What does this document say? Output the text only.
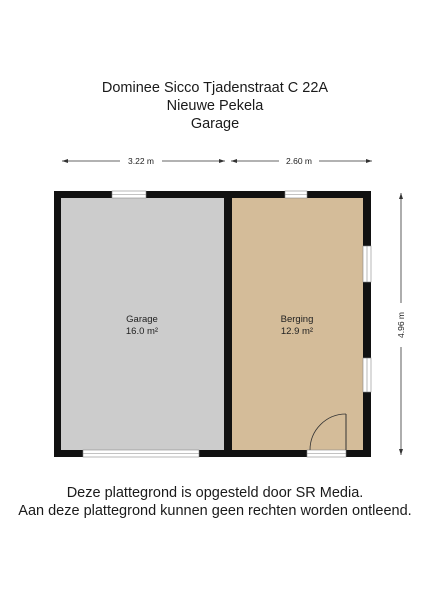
Dominee Sicco Tjadenstraat C 22A
Nieuwe Pekela
Garage
3.22 m	2.60 m
4.96 m
Garage
16.0 m²
Berging
12.9 m²
Deze plattegrond is opgesteld door SR Media.
Aan deze plattegrond kunnen geen rechten worden ontleend.
